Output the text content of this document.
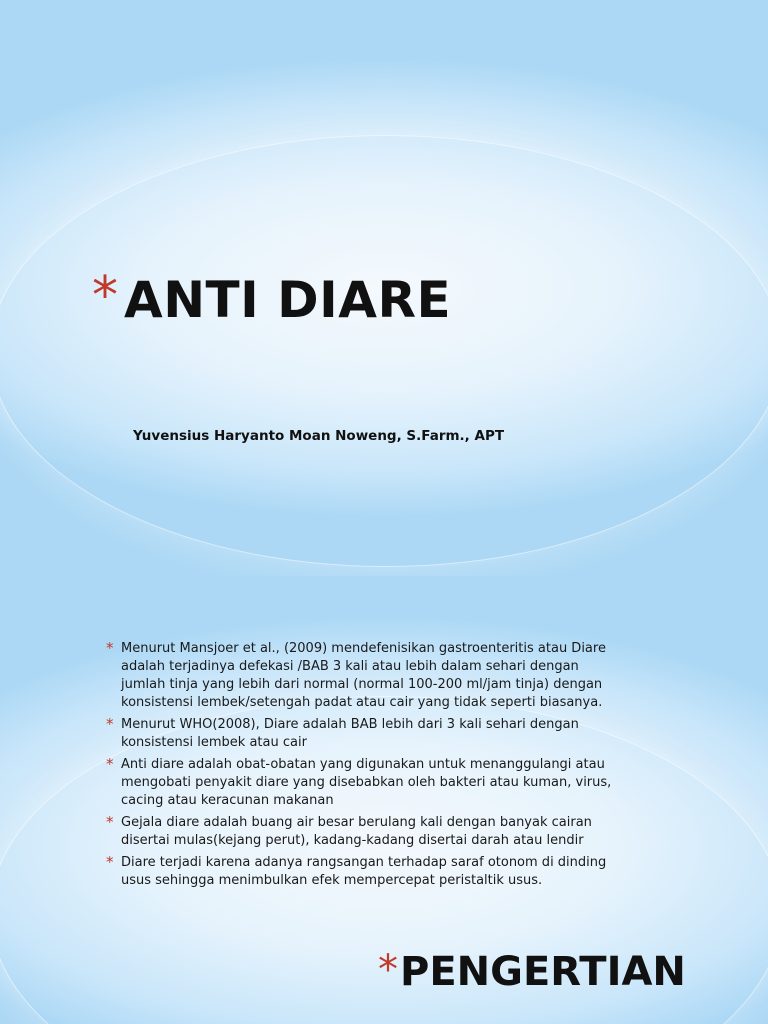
* ANTI DIARE

Yuvensius Haryanto Moan Noweng, S.Farm., APT

* Menurut Mansjoer et al., (2009) mendefenisikan gastroenteritis atau Diare adalah terjadinya defekasi /BAB 3 kali atau lebih dalam sehari dengan jumlah tinja yang lebih dari normal (normal 100-200 ml/jam tinja) dengan konsistensi lembek/setengah padat atau cair yang tidak seperti biasanya.
* Menurut WHO(2008), Diare adalah BAB lebih dari 3 kali sehari dengan konsistensi lembek atau cair
* Anti diare adalah obat-obatan yang digunakan untuk menanggulangi atau mengobati penyakit diare yang disebabkan oleh bakteri atau kuman, virus, cacing atau keracunan makanan
* Gejala diare adalah buang air besar berulang kali dengan banyak cairan disertai mulas(kejang perut), kadang-kadang disertai darah atau lendir
* Diare terjadi karena adanya rangsangan terhadap saraf otonom di dinding usus sehingga menimbulkan efek mempercepat peristaltik usus.
* PENGERTIAN
